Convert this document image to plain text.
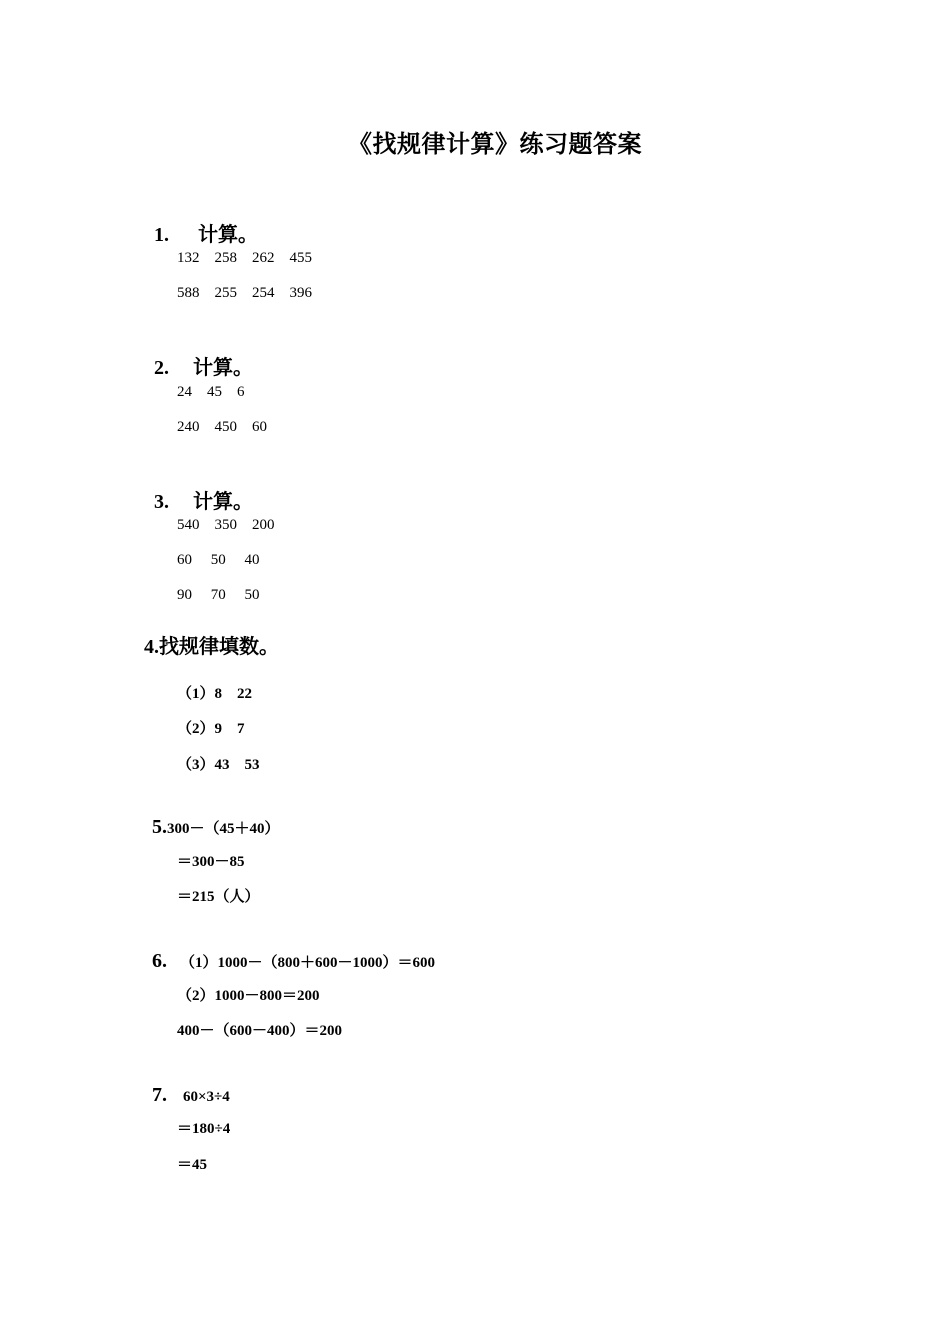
《找规律计算》练习题答案

1. 计算。

132　258　262　455
588　255　254　396

2. 计算。

24　45　6
240　450　60

3. 计算。

540　350　200
60　 50　 40
90　 70　 50
4.找规律填数。
（1）8　22
（2）9　7
（3）43　53

5.300－（45＋40）

＝300－85
＝215（人）

6. （1）1000－（800＋600－1000）＝600

（2）1000－800＝200
400－（600－400）＝200

7. 60×3÷4

＝180÷4
＝45
